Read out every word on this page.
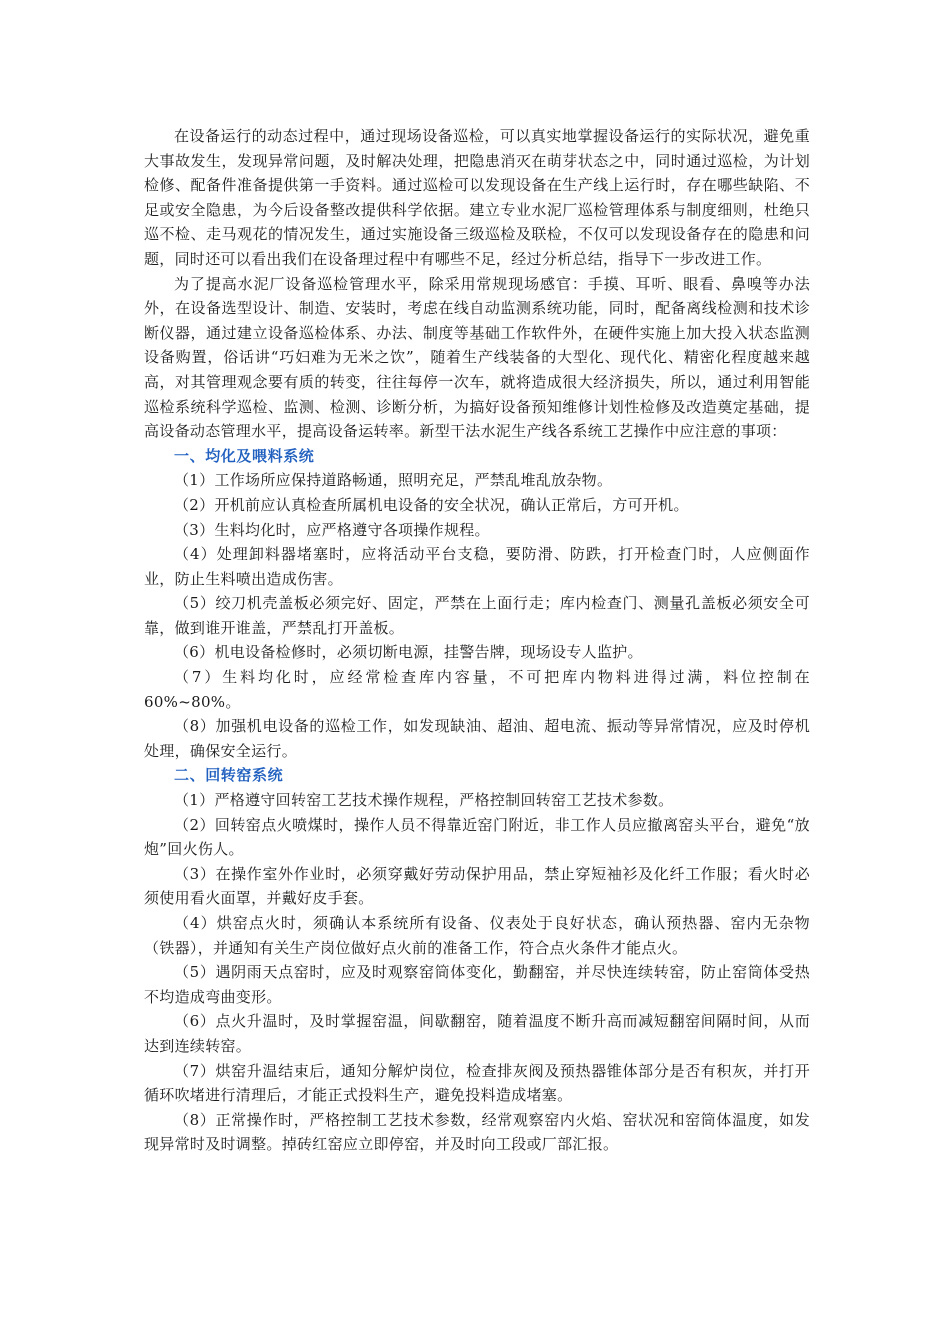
在设备运行的动态过程中，通过现场设备巡检，可以真实地掌握设备运行的实际状况，避免重大事故发生，发现异常问题，及时解决处理，把隐患消灭在萌芽状态之中，同时通过巡检，为计划检修、配备件准备提供第一手资料。通过巡检可以发现设备在生产线上运行时，存在哪些缺陷、不足或安全隐患，为今后设备整改提供科学依据。建立专业水泥厂巡检管理体系与制度细则，杜绝只巡不检、走马观花的情况发生，通过实施设备三级巡检及联检，不仅可以发现设备存在的隐患和问题，同时还可以看出我们在设备理过程中有哪些不足，经过分析总结，指导下一步改进工作。

为了提高水泥厂设备巡检管理水平，除采用常规现场感官：手摸、耳听、眼看、鼻嗅等办法外，在设备选型设计、制造、安装时，考虑在线自动监测系统功能，同时，配备离线检测和技术诊断仪器，通过建立设备巡检体系、办法、制度等基础工作软件外，在硬件实施上加大投入状态监测设备购置，俗话讲“巧妇难为无米之饮”，随着生产线装备的大型化、现代化、精密化程度越来越高，对其管理观念要有质的转变，往往每停一次车，就将造成很大经济损失，所以，通过利用智能巡检系统科学巡检、监测、检测、诊断分析，为搞好设备预知维修计划性检修及改造奠定基础，提高设备动态管理水平，提高设备运转率。新型干法水泥生产线各系统工艺操作中应注意的事项：

一、均化及喂料系统

（1）工作场所应保持道路畅通，照明充足，严禁乱堆乱放杂物。

（2）开机前应认真检查所属机电设备的安全状况，确认正常后，方可开机。

（3）生料均化时，应严格遵守各项操作规程。

（4）处理卸料器堵塞时，应将活动平台支稳，要防滑、防跌，打开检查门时，人应侧面作业，防止生料喷出造成伤害。

（5）绞刀机壳盖板必须完好、固定，严禁在上面行走；库内检查门、测量孔盖板必须安全可靠，做到谁开谁盖，严禁乱打开盖板。

（6）机电设备检修时，必须切断电源，挂警告牌，现场设专人监护。

（7）生料均化时，应经常检查库内容量，不可把库内物料进得过满，料位控制在60%~80%。

（8）加强机电设备的巡检工作，如发现缺油、超油、超电流、振动等异常情况，应及时停机处理，确保安全运行。

二、回转窑系统

（1）严格遵守回转窑工艺技术操作规程，严格控制回转窑工艺技术参数。

（2）回转窑点火喷煤时，操作人员不得靠近窑门附近，非工作人员应撤离窑头平台，避免“放炮”回火伤人。

（3）在操作室外作业时，必须穿戴好劳动保护用品，禁止穿短袖衫及化纤工作服；看火时必须使用看火面罩，并戴好皮手套。

（4）烘窑点火时，须确认本系统所有设备、仪表处于良好状态，确认预热器、窑内无杂物（铁器），并通知有关生产岗位做好点火前的准备工作，符合点火条件才能点火。

（5）遇阴雨天点窑时，应及时观察窑筒体变化，勤翻窑，并尽快连续转窑，防止窑筒体受热不均造成弯曲变形。

（6）点火升温时，及时掌握窑温，间歇翻窑，随着温度不断升高而减短翻窑间隔时间，从而达到连续转窑。

（7）烘窑升温结束后，通知分解炉岗位，检查排灰阀及预热器锥体部分是否有积灰，并打开循环吹堵进行清理后，才能正式投料生产，避免投料造成堵塞。

（8）正常操作时，严格控制工艺技术参数，经常观察窑内火焰、窑状况和窑筒体温度，如发现异常时及时调整。掉砖红窑应立即停窑，并及时向工段或厂部汇报。
